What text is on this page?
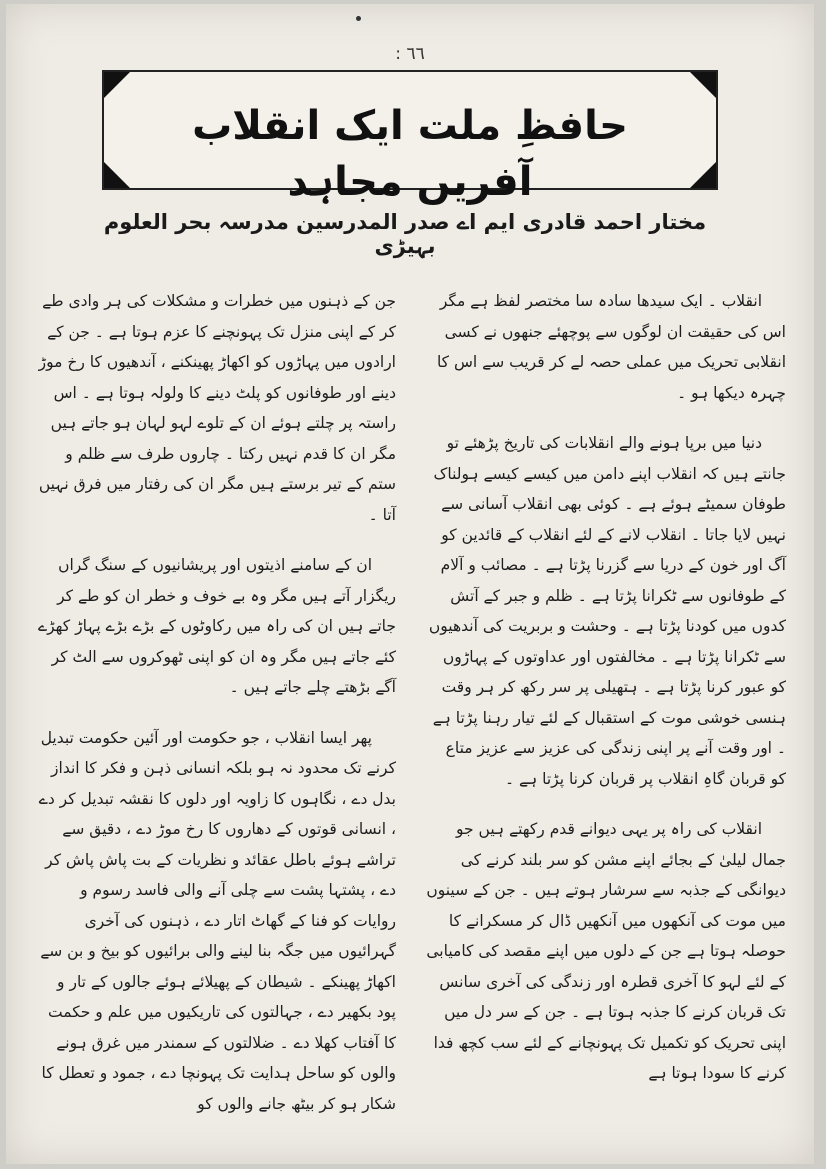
: ٦٦
حافظِ ملت ایک انقلاب آفریں مجاہد
مختار احمد قادری ایم اے صدر المدرسین مدرسہ بحر العلوم بہیڑی

انقلاب ۔ ایک سیدھا سادہ سا مختصر لفظ ہے مگر اس کی حقیقت ان لوگوں سے پوچھئے جنھوں نے کسی انقلابی تحریک میں عملی حصہ لے کر قریب سے اس کا چہرہ دیکھا ہو ۔

دنیا میں برپا ہونے والے انقلابات کی تاریخ پڑھئے تو جانتے ہیں کہ انقلاب اپنے دامن میں کیسے کیسے ہولناک طوفان سمیٹے ہوئے ہے ۔ کوئی بھی انقلاب آسانی سے نہیں لایا جاتا ۔ انقلاب لانے کے لئے انقلاب کے قائدین کو آگ اور خون کے دریا سے گزرنا پڑتا ہے ۔ مصائب و آلام کے طوفانوں سے ٹکرانا پڑتا ہے ۔ ظلم و جبر کے آتش کدوں میں کودنا پڑتا ہے ۔ وحشت و بربریت کی آندھیوں سے ٹکرانا پڑتا ہے ۔ مخالفتوں اور عداوتوں کے پہاڑوں کو عبور کرنا پڑتا ہے ۔ ہتھیلی پر سر رکھ کر ہر وقت ہنسی خوشی موت کے استقبال کے لئے تیار رہنا پڑتا ہے ۔ اور وقت آنے پر اپنی زندگی کی عزیز سے عزیز متاع کو قربان گاہِ انقلاب پر قربان کرنا پڑتا ہے ۔

انقلاب کی راہ پر یہی دیوانے قدم رکھتے ہیں جو جمال لیلیٰ کے بجائے اپنے مشن کو سر بلند کرنے کی دیوانگی کے جذبہ سے سرشار ہوتے ہیں ۔ جن کے سینوں میں موت کی آنکھوں میں آنکھیں ڈال کر مسکرانے کا حوصلہ ہوتا ہے جن کے دلوں میں اپنے مقصد کی کامیابی کے لئے لہو کا آخری قطرہ اور زندگی کی آخری سانس تک قربان کرنے کا جذبہ ہوتا ہے ۔ جن کے سر دل میں اپنی تحریک کو تکمیل تک پہونچانے کے لئے سب کچھ فدا کرنے کا سودا ہوتا ہے

جن کے ذہنوں میں خطرات و مشکلات کی ہر وادی طے کر کے اپنی منزل تک پہونچنے کا عزم ہوتا ہے ۔ جن کے ارادوں میں پہاڑوں کو اکھاڑ پھینکنے ، آندھیوں کا رخ موڑ دینے اور طوفانوں کو پلٹ دینے کا ولولہ ہوتا ہے ۔ اس راستہ پر چلتے ہوئے ان کے تلوے لہو لہان ہو جاتے ہیں مگر ان کا قدم نہیں رکتا ۔ چاروں طرف سے ظلم و ستم کے تیر برستے ہیں مگر ان کی رفتار میں فرق نہیں آتا ۔

ان کے سامنے اذیتوں اور پریشانیوں کے سنگ گراں ریگزار آتے ہیں مگر وہ بے خوف و خطر ان کو طے کر جاتے ہیں ان کی راہ میں رکاوٹوں کے بڑے بڑے پہاڑ کھڑے کئے جاتے ہیں مگر وہ ان کو اپنی ٹھوکروں سے الٹ کر آگے بڑھتے چلے جاتے ہیں ۔

پھر ایسا انقلاب ، جو حکومت اور آئین حکومت تبدیل کرنے تک محدود نہ ہو بلکہ انسانی ذہن و فکر کا انداز بدل دے ، نگاہوں کا زاویہ اور دلوں کا نقشہ تبدیل کر دے ، انسانی قوتوں کے دھاروں کا رخ موڑ دے ، دقیق سے تراشے ہوئے باطل عقائد و نظریات کے بت پاش پاش کر دے ، پشتہا پشت سے چلی آنے والی فاسد رسوم و روایات کو فنا کے گھاٹ اتار دے ، ذہنوں کی آخری گہرائیوں میں جگہ بنا لینے والی برائیوں کو بیخ و بن سے اکھاڑ پھینکے ۔ شیطان کے پھیلائے ہوئے جالوں کے تار و پود بکھیر دے ، جہالتوں کی تاریکیوں میں علم و حکمت کا آفتاب کھلا دے ۔ ضلالتوں کے سمندر میں غرق ہونے والوں کو ساحل ہدایت تک پہونچا دے ، جمود و تعطل کا شکار ہو کر بیٹھ جانے والوں کو
